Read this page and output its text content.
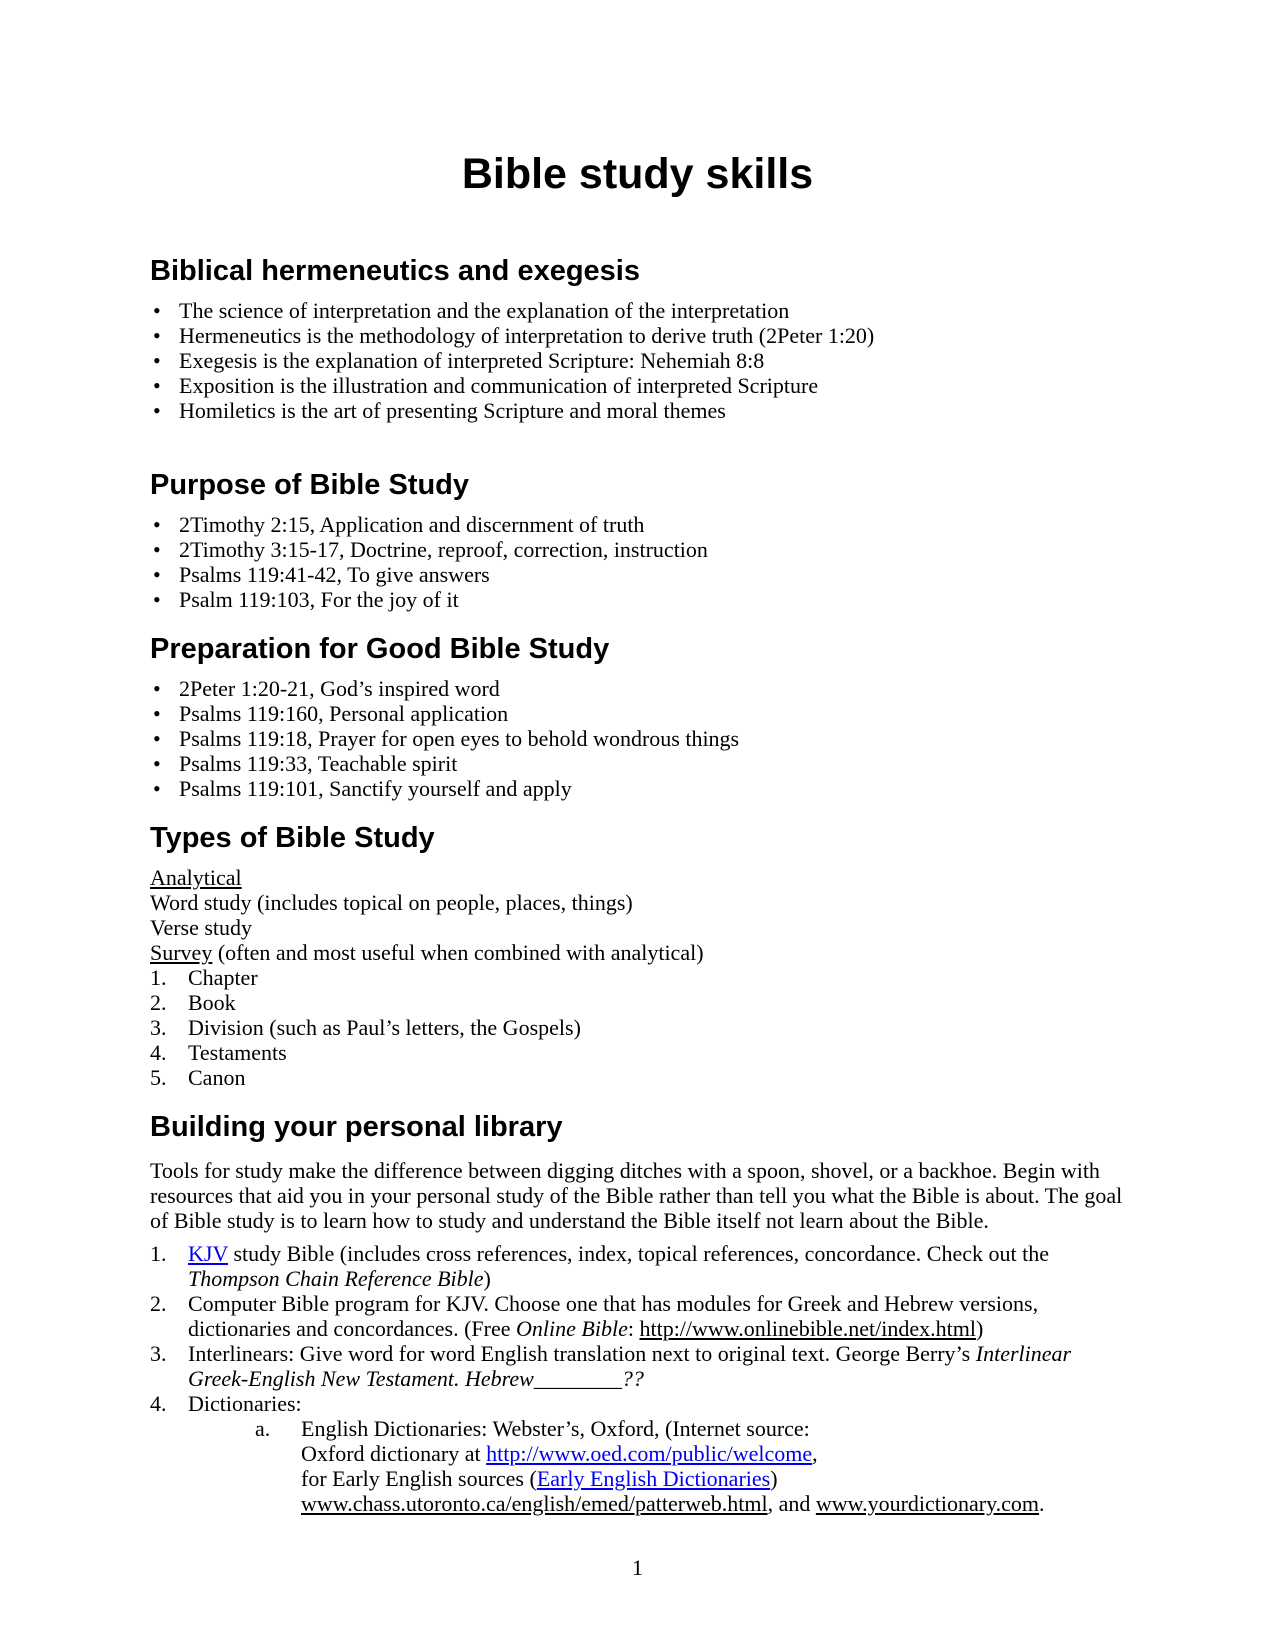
Bible study skills
Biblical hermeneutics and exegesis
• The science of interpretation and the explanation of the interpretation
• Hermeneutics is the methodology of interpretation to derive truth (2Peter 1:20)
• Exegesis is the explanation of interpreted Scripture: Nehemiah 8:8
• Exposition is the illustration and communication of interpreted Scripture
• Homiletics is the art of presenting Scripture and moral themes
Purpose of Bible Study
• 2Timothy 2:15, Application and discernment of truth
• 2Timothy 3:15-17, Doctrine, reproof, correction, instruction
• Psalms 119:41-42, To give answers
• Psalm 119:103, For the joy of it
Preparation for Good Bible Study
• 2Peter 1:20-21, God’s inspired word
• Psalms 119:160, Personal application
• Psalms 119:18, Prayer for open eyes to behold wondrous things
• Psalms 119:33, Teachable spirit
• Psalms 119:101, Sanctify yourself and apply
Types of Bible Study
Analytical
Word study (includes topical on people, places, things)
Verse study
Survey (often and most useful when combined with analytical)
1. Chapter
2. Book
3. Division (such as Paul’s letters, the Gospels)
4. Testaments
5. Canon
Building your personal library

Tools for study make the difference between digging ditches with a spoon, shovel, or a backhoe. Begin with resources that aid you in your personal study of the Bible rather than tell you what the Bible is about. The goal of Bible study is to learn how to study and understand the Bible itself not learn about the Bible.

1. KJV study Bible (includes cross references, index, topical references, concordance. Check out the Thompson Chain Reference Bible)
2. Computer Bible program for KJV. Choose one that has modules for Greek and Hebrew versions, dictionaries and concordances. (Free Online Bible: http://www.onlinebible.net/index.html)
3. Interlinears: Give word for word English translation next to original text. George Berry’s Interlinear Greek-English New Testament. Hebrew________??
4. Dictionaries:
a.	English Dictionaries: Webster’s, Oxford, (Internet source:
Oxford dictionary at http://www.oed.com/public/welcome,
for Early English sources (Early English Dictionaries)
www.chass.utoronto.ca/english/emed/patterweb.html, and www.yourdictionary.com.
1
